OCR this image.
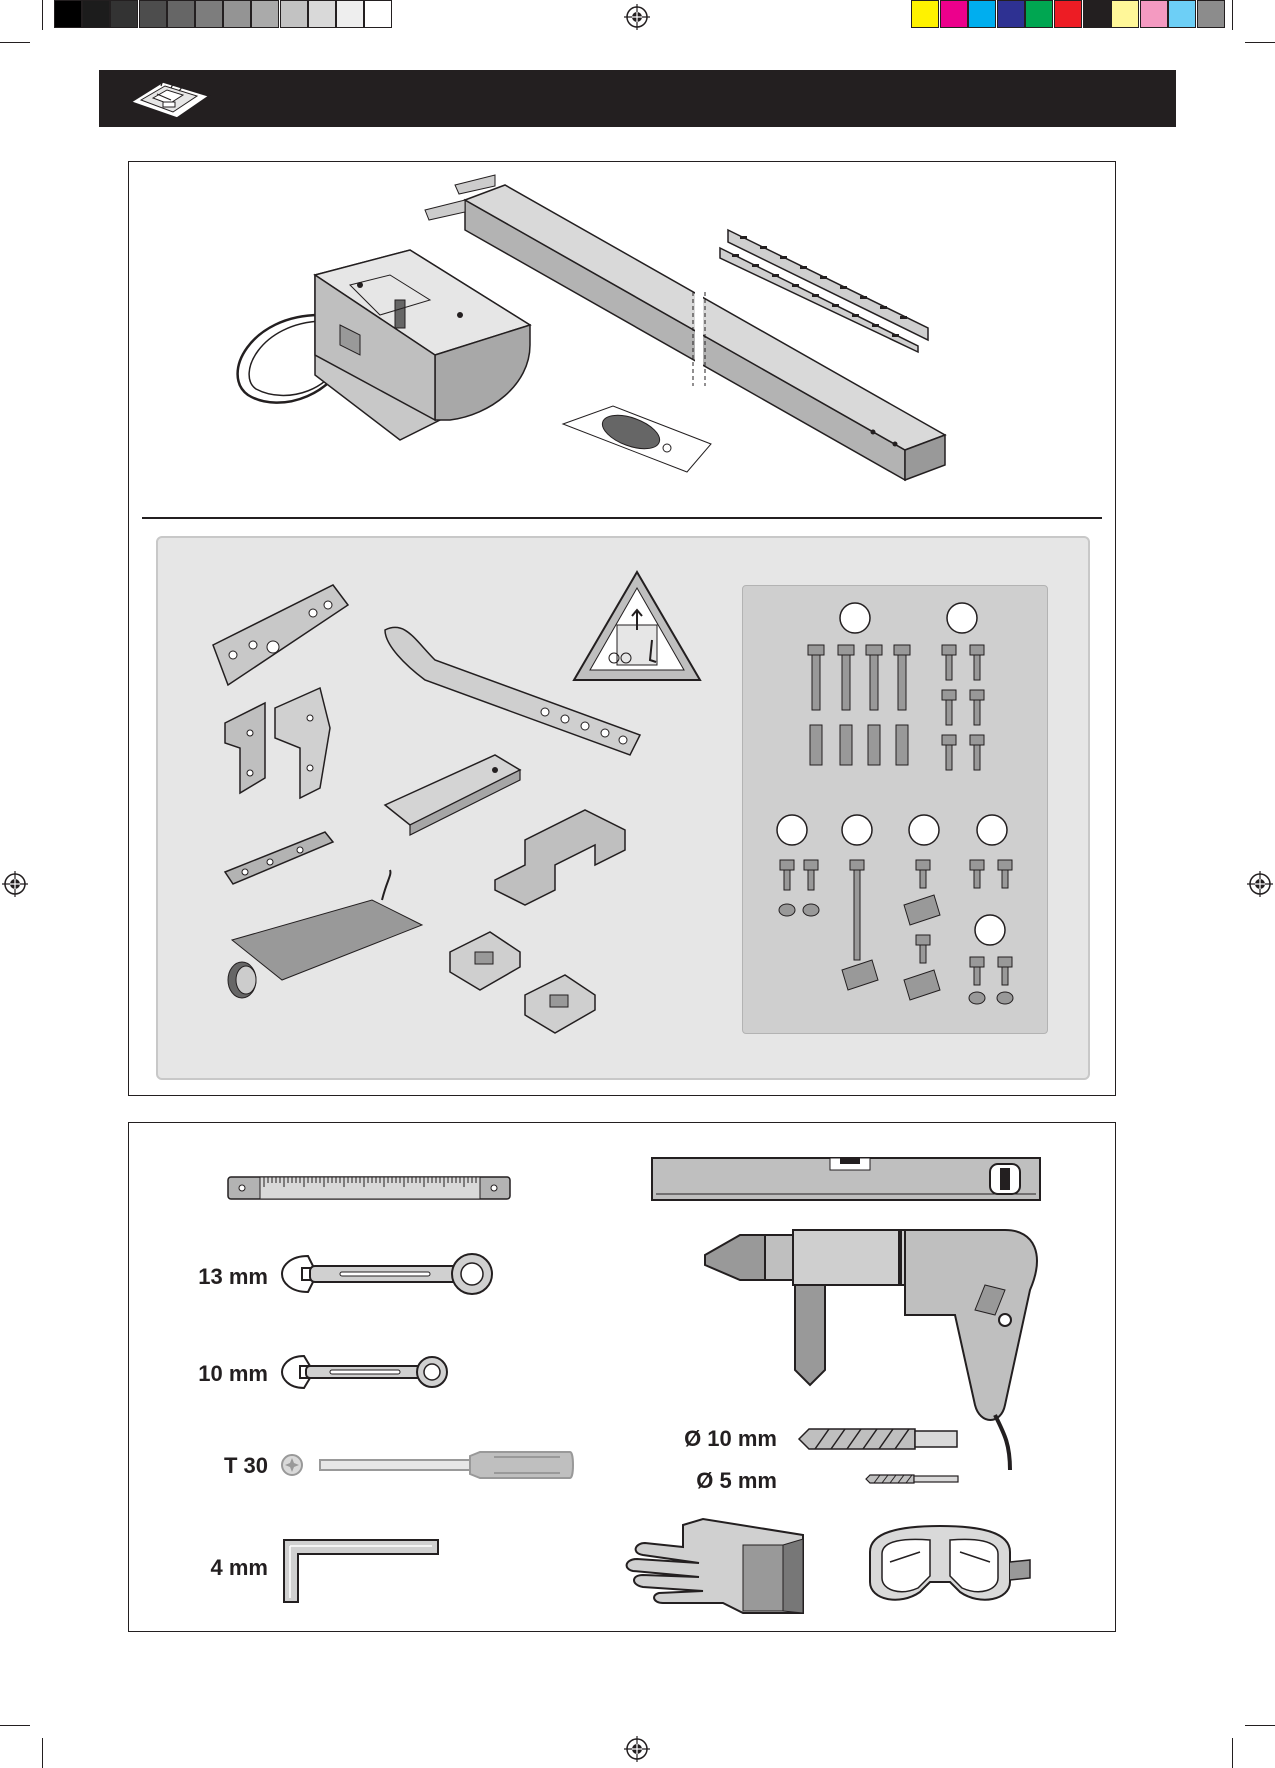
13 mm
10 mm
T 30
4 mm
Ø 10 mm
Ø 5 mm
